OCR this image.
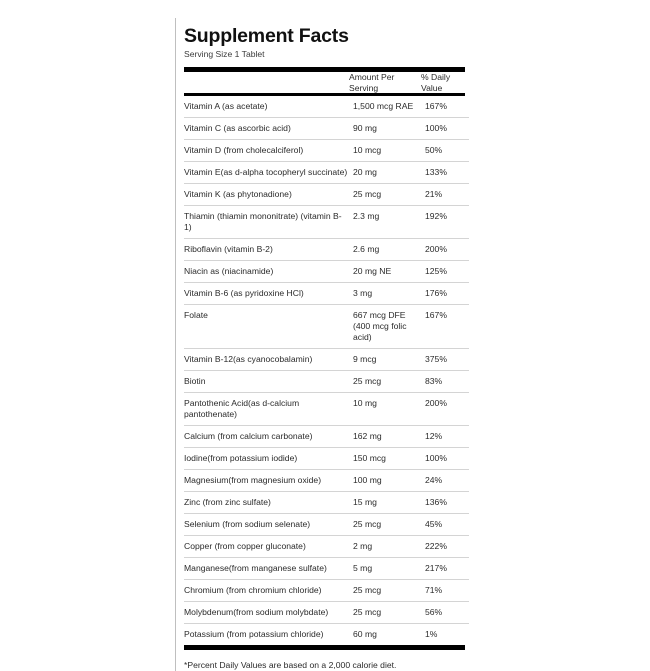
Supplement Facts
Serving Size 1 Tablet
	Amount Per Serving	% Daily Value
Vitamin A (as acetate)	1,500 mcg RAE	167%
Vitamin C (as ascorbic acid)	90 mg	100%
Vitamin D (from cholecalciferol)	10 mcg	50%
Vitamin E(as d-alpha tocopheryl succinate)	20 mg	133%
Vitamin K (as phytonadione)	25 mcg	21%
Thiamin (thiamin mononitrate) (vitamin B-1)	2.3 mg	192%
Riboflavin (vitamin B-2)	2.6 mg	200%
Niacin as (niacinamide)	20 mg NE	125%
Vitamin B-6 (as pyridoxine HCl)	3 mg	176%
Folate	667 mcg DFE (400 mcg folic acid)	167%
Vitamin B-12(as cyanocobalamin)	9 mcg	375%
Biotin	25 mcg	83%
Pantothenic Acid(as d-calcium pantothenate)	10 mg	200%
Calcium (from calcium carbonate)	162 mg	12%
Iodine(from potassium iodide)	150 mcg	100%
Magnesium(from magnesium oxide)	100 mg	24%
Zinc (from zinc sulfate)	15 mg	136%
Selenium (from sodium selenate)	25 mcg	45%
Copper (from copper gluconate)	2 mg	222%
Manganese(from manganese sulfate)	5 mg	217%
Chromium (from chromium chloride)	25 mcg	71%
Molybdenum(from sodium molybdate)	25 mcg	56%
Potassium (from potassium chloride)	60 mg	1%
*Percent Daily Values are based on a 2,000 calorie diet.
